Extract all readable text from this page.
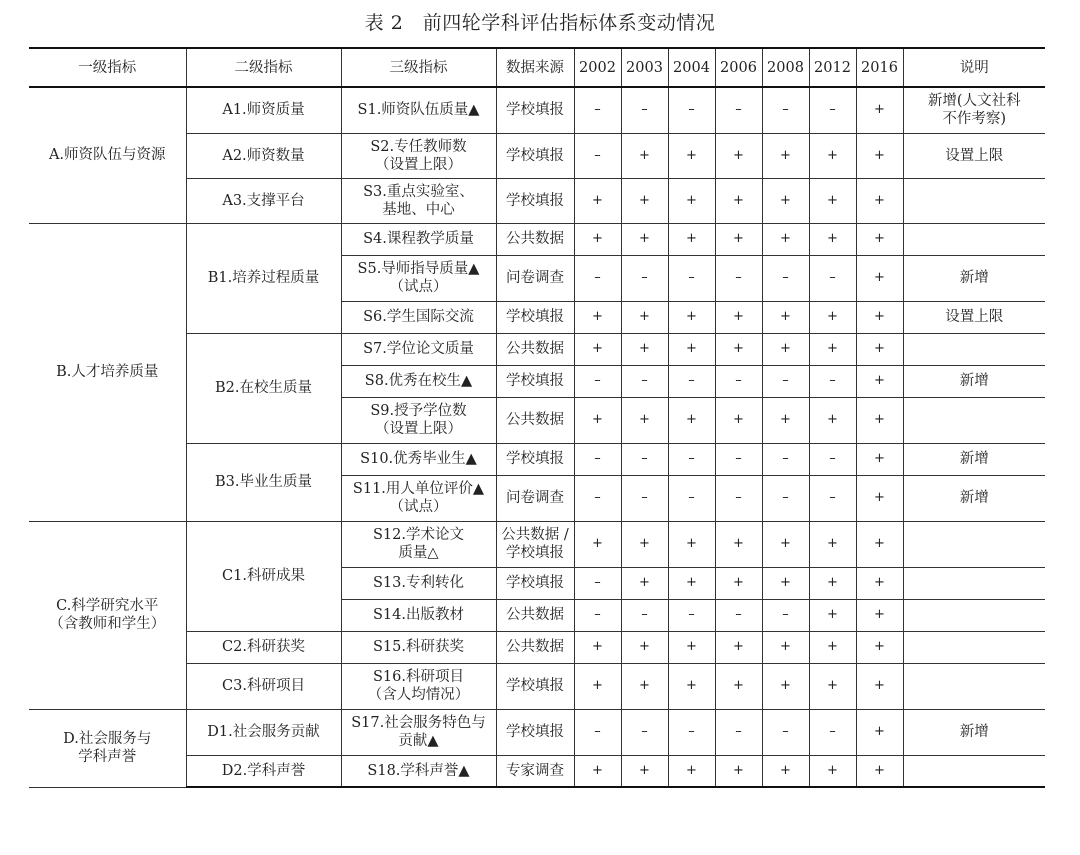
表 2　前四轮学科评估指标体系变动情况
一级指标	二级指标	三级指标	数据来源	2002	2003	2004	2006	2008	2012	2016	说明
A.师资队伍与资源	A1.师资质量	S1.师资队伍质量▲	学校填报	–	–	–	–	–	–	+	新增(人文社科
不作考察)
	A2.师资数量	S2.专任教师数
（设置上限）	学校填报	–	+	+	+	+	+	+	设置上限
	A3.支撑平台	S3.重点实验室、
基地、中心	学校填报	+	+	+	+	+	+	+	
B.人才培养质量	B1.培养过程质量	S4.课程教学质量	公共数据	+	+	+	+	+	+	+	
		S5.导师指导质量▲
（试点）	问卷调查	–	–	–	–	–	–	+	新增
		S6.学生国际交流	学校填报	+	+	+	+	+	+	+	设置上限
	B2.在校生质量	S7.学位论文质量	公共数据	+	+	+	+	+	+	+	
		S8.优秀在校生▲	学校填报	–	–	–	–	–	–	+	新增
		S9.授予学位数
（设置上限）	公共数据	+	+	+	+	+	+	+	
	B3.毕业生质量	S10.优秀毕业生▲	学校填报	–	–	–	–	–	–	+	新增
		S11.用人单位评价▲
（试点）	问卷调查	–	–	–	–	–	–	+	新增
C.科学研究水平
（含教师和学生）	C1.科研成果	S12.学术论文
质量△	公共数据 /
学校填报	+	+	+	+	+	+	+	
		S13.专利转化	学校填报	–	+	+	+	+	+	+	
		S14.出版教材	公共数据	–	–	–	–	–	+	+	
	C2.科研获奖	S15.科研获奖	公共数据	+	+	+	+	+	+	+	
	C3.科研项目	S16.科研项目
（含人均情况）	学校填报	+	+	+	+	+	+	+	
D.社会服务与
学科声誉	D1.社会服务贡献	S17.社会服务特色与
贡献▲	学校填报	–	–	–	–	–	–	+	新增
	D2.学科声誉	S18.学科声誉▲	专家调查	+	+	+	+	+	+	+	
